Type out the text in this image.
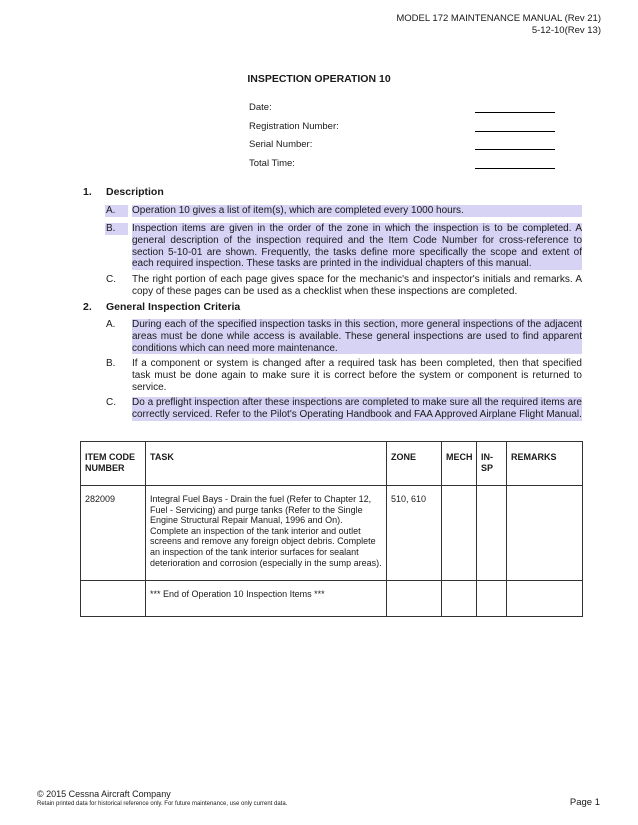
MODEL 172 MAINTENANCE MANUAL (Rev 21)
5-12-10(Rev 13)
INSPECTION OPERATION 10
Date:
Registration Number:
Serial Number:
Total Time:
1. Description
A.	Operation 10 gives a list of item(s), which are completed every 1000 hours.
B.	Inspection items are given in the order of the zone in which the inspection is to be completed. A general description of the inspection required and the Item Code Number for cross-reference to section 5-10-01 are shown. Frequently, the tasks define more specifically the scope and extent of each required inspection. These tasks are printed in the individual chapters of this manual.
C.	The right portion of each page gives space for the mechanic's and inspector's initials and remarks. A copy of these pages can be used as a checklist when these inspections are completed.
2. General Inspection Criteria
A.	During each of the specified inspection tasks in this section, more general inspections of the adjacent areas must be done while access is available. These general inspections are used to find apparent conditions which can need more maintenance.
B.	If a component or system is changed after a required task has been completed, then that specified task must be done again to make sure it is correct before the system or component is returned to service.
C.	Do a preflight inspection after these inspections are completed to make sure all the required items are correctly serviced. Refer to the Pilot's Operating Handbook and FAA Approved Airplane Flight Manual.
ITEM CODE NUMBER	TASK	ZONE	MECH	IN- SP	REMARKS
282009	Integral Fuel Bays - Drain the fuel (Refer to Chapter 12, Fuel - Servicing) and purge tanks (Refer to the Single Engine Structural Repair Manual, 1996 and On). Complete an inspection of the tank interior and outlet screens and remove any foreign object debris. Complete an inspection of the tank interior surfaces for sealant deterioration and corrosion (especially in the sump areas).	510, 610			
	*** End of Operation 10 Inspection Items ***				
© 2015 Cessna Aircraft Company
Retain printed data for historical reference only. For future maintenance, use only current data.	Page 1
